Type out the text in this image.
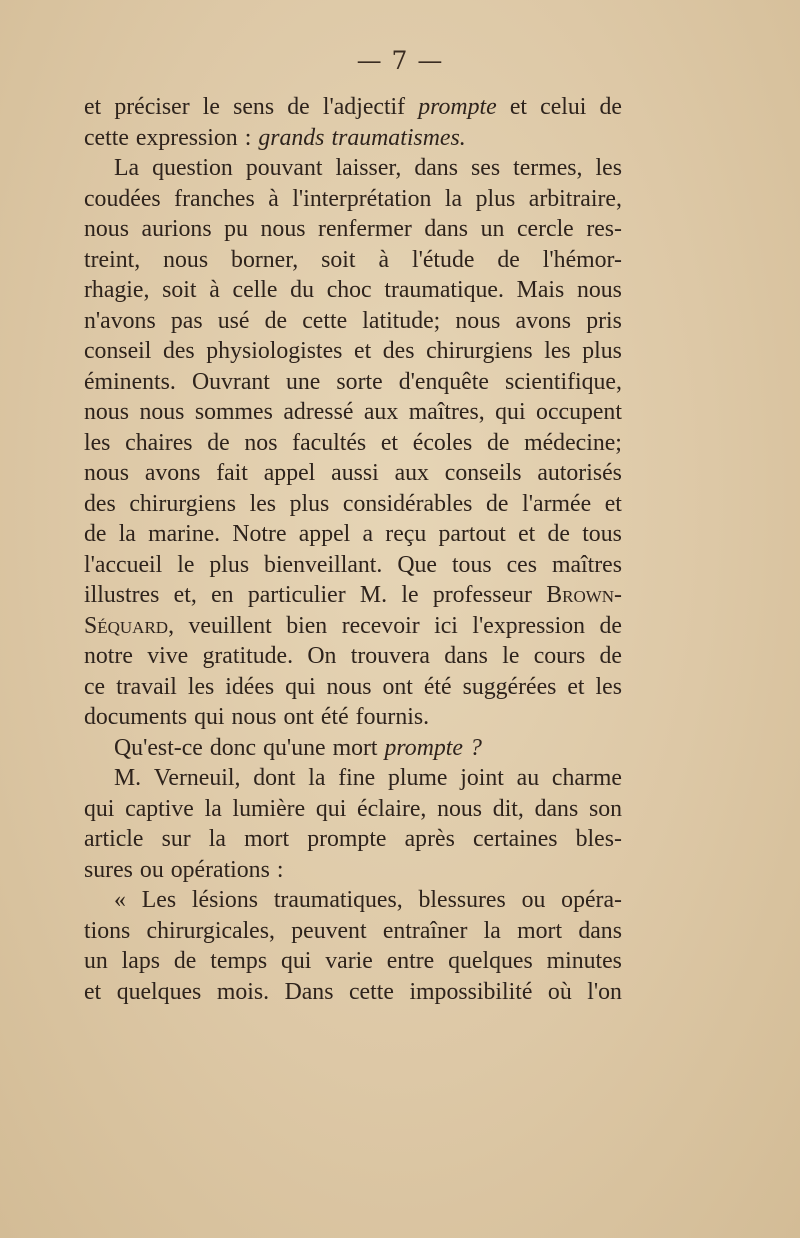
— 7 —
et préciser le sens de l'adjectif prompte et celui de
cette expression : grands traumatismes.
La question pouvant laisser, dans ses termes, les
coudées franches à l'interprétation la plus arbitraire,
nous aurions pu nous renfermer dans un cercle res-
treint, nous borner, soit à l'étude de l'hémor-
rhagie, soit à celle du choc traumatique. Mais nous
n'avons pas usé de cette latitude; nous avons pris
conseil des physiologistes et des chirurgiens les plus
éminents. Ouvrant une sorte d'enquête scientifique,
nous nous sommes adressé aux maîtres, qui occupent
les chaires de nos facultés et écoles de médecine;
nous avons fait appel aussi aux conseils autorisés
des chirurgiens les plus considérables de l'armée et
de la marine. Notre appel a reçu partout et de tous
l'accueil le plus bienveillant. Que tous ces maîtres
illustres et, en particulier M. le professeur Brown-
Séquard, veuillent bien recevoir ici l'expression de
notre vive gratitude. On trouvera dans le cours de
ce travail les idées qui nous ont été suggérées et les
documents qui nous ont été fournis.
Qu'est-ce donc qu'une mort prompte ?
M. Verneuil, dont la fine plume joint au charme
qui captive la lumière qui éclaire, nous dit, dans son
article sur la mort prompte après certaines bles-
sures ou opérations :
« Les lésions traumatiques, blessures ou opéra-
tions chirurgicales, peuvent entraîner la mort dans
un laps de temps qui varie entre quelques minutes
et quelques mois. Dans cette impossibilité où l'on
